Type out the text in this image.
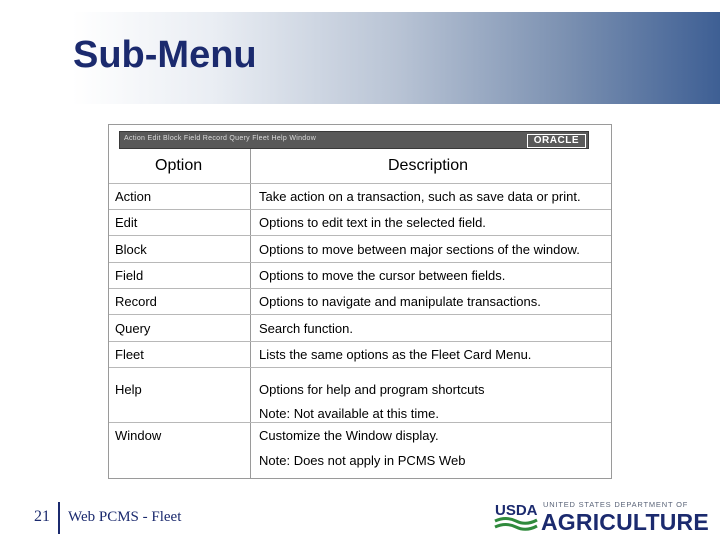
Sub-Menu
Action Edit Block Field Record Query Fleet Help Window	ORACLE
Option	Description
Action	Take action on a transaction, such as save data or print.
Edit	Options to edit text in the selected field.
Block	Options to move between major sections of the window.
Field	Options to move the cursor between fields.
Record	Options to navigate and manipulate transactions.
Query	Search function.
Fleet	Lists the same options as the Fleet Card Menu.
Help	Options for help and program shortcuts
Note: Not available at this time.
Window	Customize the Window display.
Note: Does not apply in PCMS Web
21 Web PCMS - Fleet	USDA UNITED STATES DEPARTMENT OF
AGRICULTURE
